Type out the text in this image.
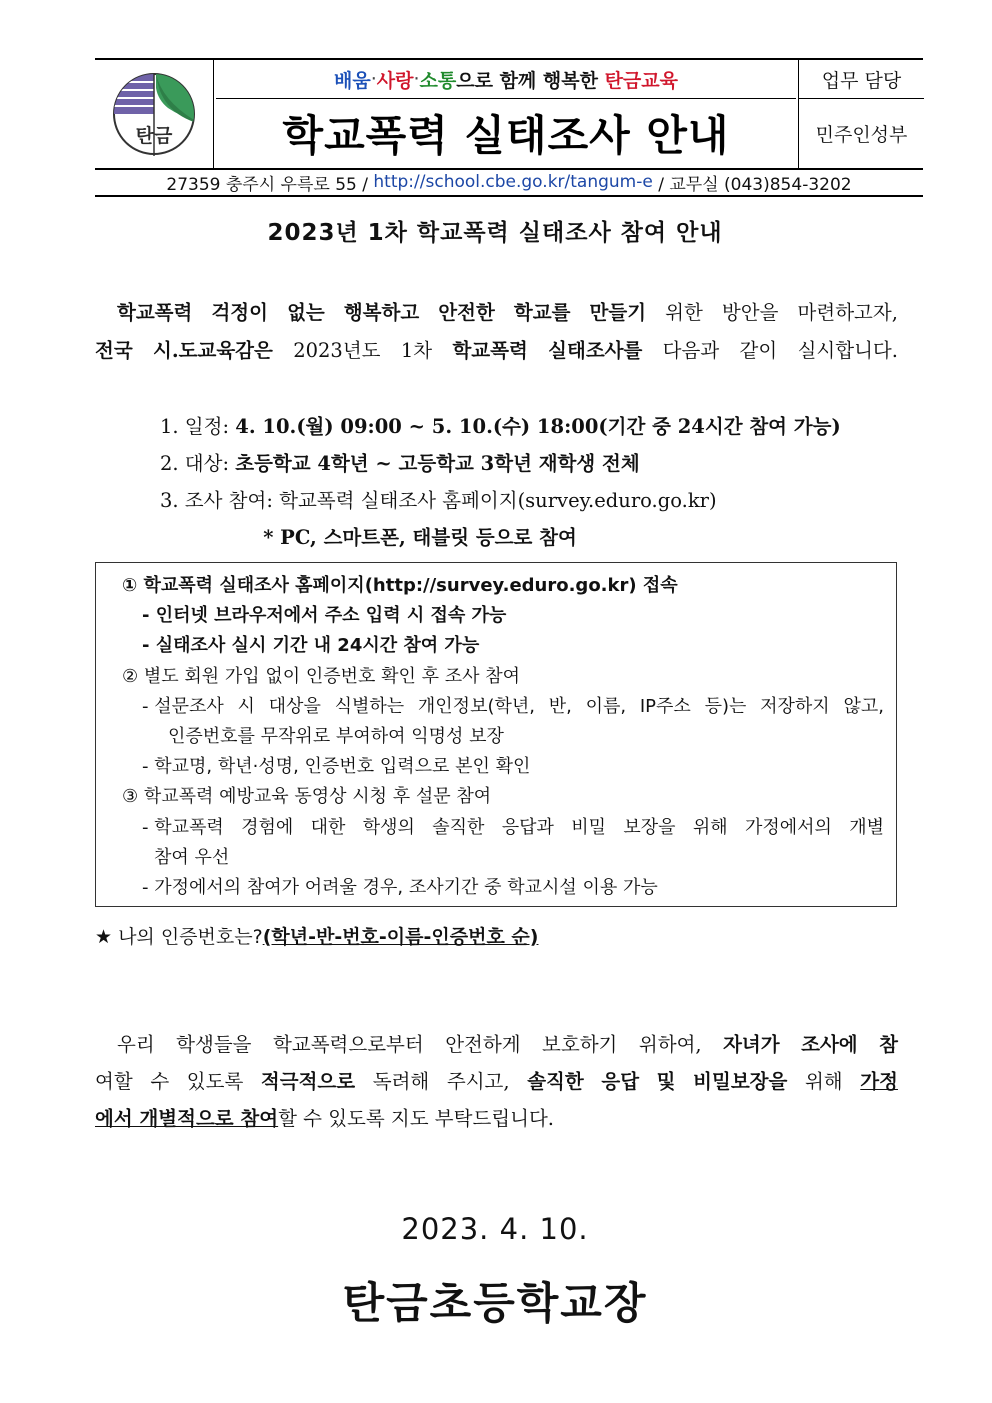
탄금
배움 · 사랑 · 소통 으로 함께 행복한 탄금교육
학교폭력 실태조사 안내
업무 담당
민주인성부
27359 충주시 우륵로 55 / http://school.cbe.go.kr/tangum-e / 교무실 (043)854-3202
2023년 1차 학교폭력 실태조사 참여 안내
학교폭력 걱정이 없는 행복하고 안전한 학교를 만들기 위한 방안을 마련하고자,
전국 시.도교육감은 2023년도 1차 학교폭력 실태조사를 다음과 같이 실시합니다.
1. 일정: 4. 10.(월) 09:00 ~ 5. 10.(수) 18:00(기간 중 24시간 참여 가능)
2. 대상: 초등학교 4학년 ~ 고등학교 3학년 재학생 전체
3. 조사 참여: 학교폭력 실태조사 홈페이지(survey.eduro.go.kr)
* PC, 스마트폰, 태블릿 등으로 참여
① 학교폭력 실태조사 홈페이지(http://survey.eduro.go.kr) 접속
- 인터넷 브라우저에서 주소 입력 시 접속 가능
- 실태조사 실시 기간 내 24시간 참여 가능
② 별도 회원 가입 없이 인증번호 확인 후 조사 참여
- 설문조사 시 대상을 식별하는 개인정보(학년, 반, 이름, IP주소 등)는 저장하지 않고,
인증번호를 무작위로 부여하여 익명성 보장
- 학교명, 학년·성명, 인증번호 입력으로 본인 확인
③ 학교폭력 예방교육 동영상 시청 후 설문 참여
- 학교폭력 경험에 대한 학생의 솔직한 응답과 비밀 보장을 위해 가정에서의 개별
참여 우선
- 가정에서의 참여가 어려울 경우, 조사기간 중 학교시설 이용 가능
★ 나의 인증번호는?(학년-반-번호-이름-인증번호 순)
우리 학생들을 학교폭력으로부터 안전하게 보호하기 위하여, 자녀가 조사에 참
여할 수 있도록 적극적으로 독려해 주시고, 솔직한 응답 및 비밀보장을 위해 가정
에서 개별적으로 참여할 수 있도록 지도 부탁드립니다.
2023. 4. 10.
탄금초등학교장
